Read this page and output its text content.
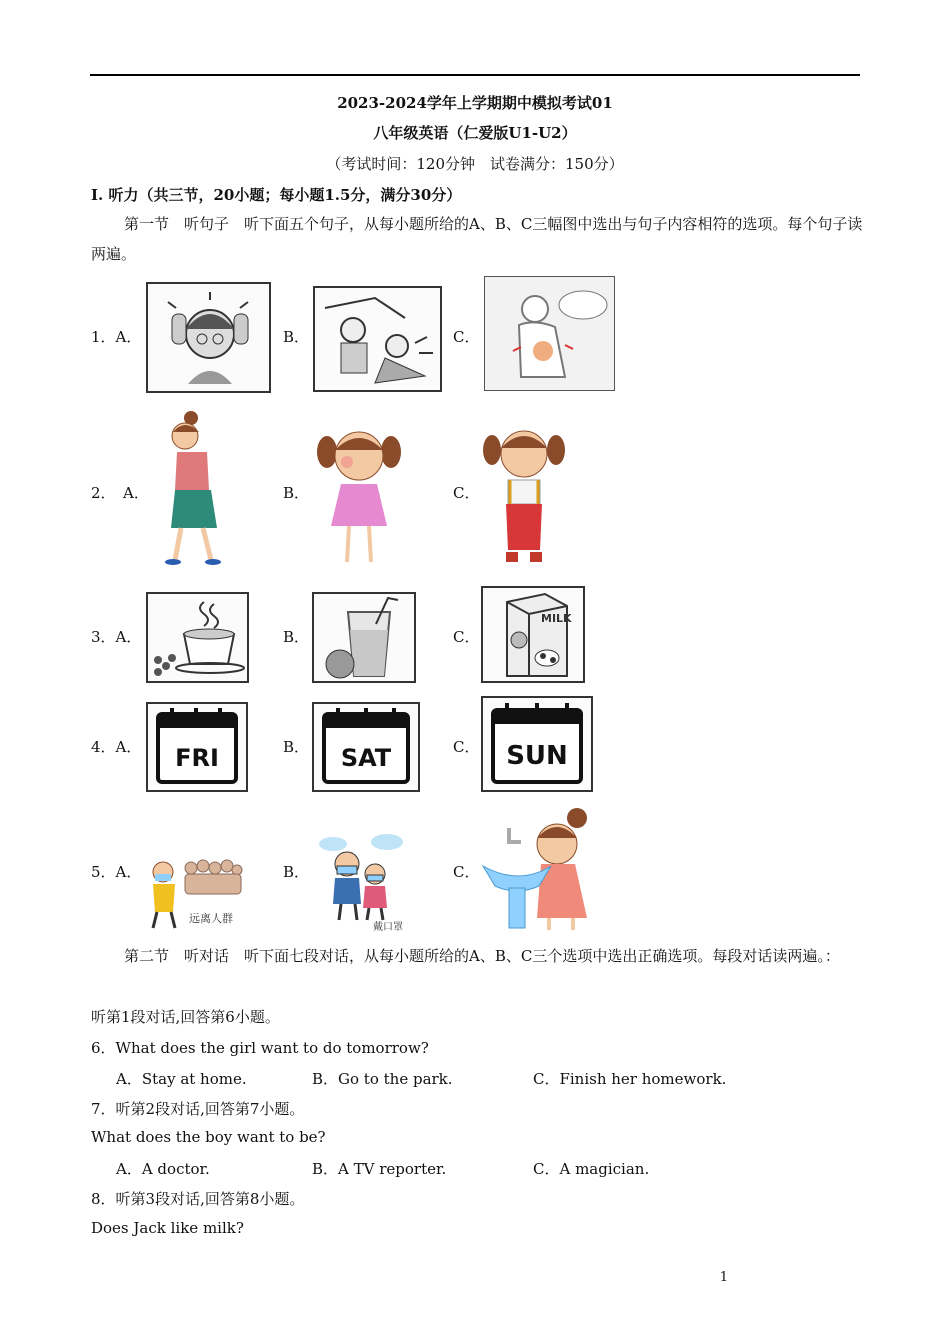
2023-2024学年上学期期中模拟考试01
八年级英语（仁爱版U1-U2）
（考试时间：120分钟　试卷满分：150分）
Ⅰ. 听力（共三节，20小题；每小题1.5分，满分30分）
第一节　听句子　听下面五个句子，从每小题所给的A、B、C三幅图中选出与句子内容相符的选项。每个句子读两遍。
1．A．	B．	C．
2．　A．	B．	C．
3．A．	B．	C．
MILK
4．A． FRI	B． SAT	C． SUN
5．A．
远离人群
B．
戴口罩
C．
第二节　听对话　听下面七段对话，从每小题所给的A、B、C三个选项中选出正确选项。每段对话读两遍。：
听第1段对话,回答第6小题。
6．What does the girl want to do tomorrow?
A．Stay at home.	B．Go to the park.	C．Finish her homework.
7．听第2段对话,回答第7小题。
What does the boy want to be?
A．A doctor.	B．A TV reporter.	C．A magician.
8．听第3段对话,回答第8小题。
Does Jack like milk?
1
